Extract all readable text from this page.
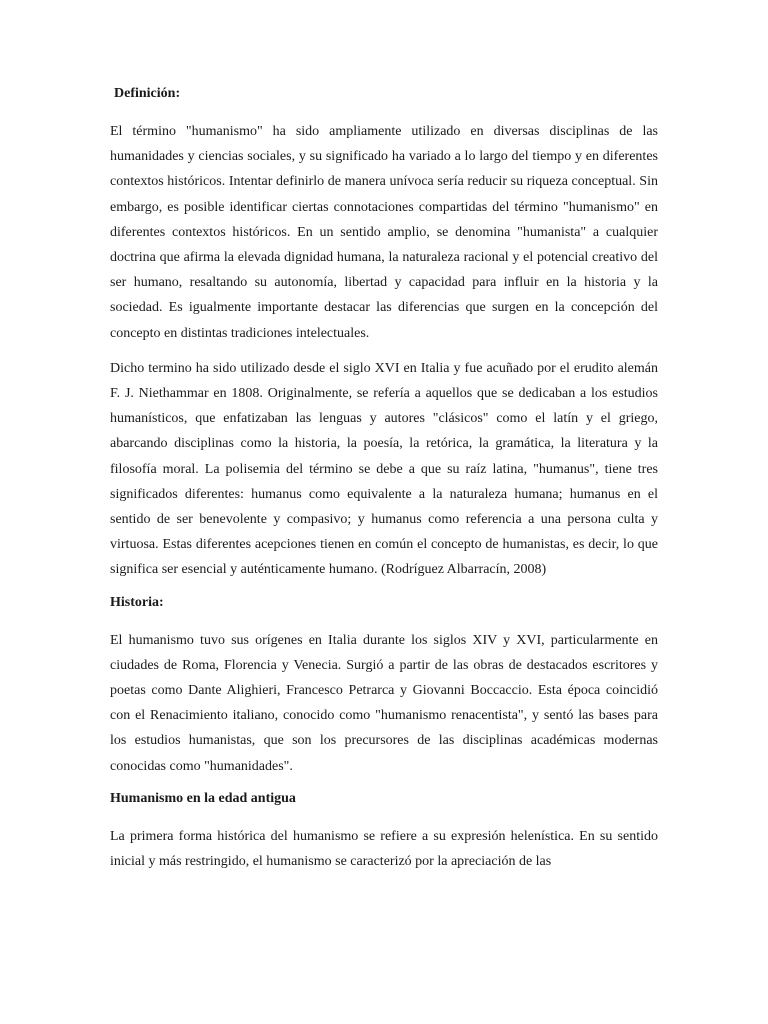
Definición:

El término "humanismo" ha sido ampliamente utilizado en diversas disciplinas de las humanidades y ciencias sociales, y su significado ha variado a lo largo del tiempo y en diferentes contextos históricos. Intentar definirlo de manera unívoca sería reducir su riqueza conceptual. Sin embargo, es posible identificar ciertas connotaciones compartidas del término "humanismo" en diferentes contextos históricos. En un sentido amplio, se denomina "humanista" a cualquier doctrina que afirma la elevada dignidad humana, la naturaleza racional y el potencial creativo del ser humano, resaltando su autonomía, libertad y capacidad para influir en la historia y la sociedad. Es igualmente importante destacar las diferencias que surgen en la concepción del concepto en distintas tradiciones intelectuales.

Dicho termino ha sido utilizado desde el siglo XVI en Italia y fue acuñado por el erudito alemán F. J. Niethammar en 1808. Originalmente, se refería a aquellos que se dedicaban a los estudios humanísticos, que enfatizaban las lenguas y autores "clásicos" como el latín y el griego, abarcando disciplinas como la historia, la poesía, la retórica, la gramática, la literatura y la filosofía moral. La polisemia del término se debe a que su raíz latina, "humanus", tiene tres significados diferentes: humanus como equivalente a la naturaleza humana; humanus en el sentido de ser benevolente y compasivo; y humanus como referencia a una persona culta y virtuosa. Estas diferentes acepciones tienen en común el concepto de humanistas, es decir, lo que significa ser esencial y auténticamente humano. (Rodríguez Albarracín, 2008)

Historia:

El humanismo tuvo sus orígenes en Italia durante los siglos XIV y XVI, particularmente en ciudades de Roma, Florencia y Venecia. Surgió a partir de las obras de destacados escritores y poetas como Dante Alighieri, Francesco Petrarca y Giovanni Boccaccio. Esta época coincidió con el Renacimiento italiano, conocido como "humanismo renacentista", y sentó las bases para los estudios humanistas, que son los precursores de las disciplinas académicas modernas conocidas como "humanidades".

Humanismo en la edad antigua

La primera forma histórica del humanismo se refiere a su expresión helenística. En su sentido inicial y más restringido, el humanismo se caracterizó por la apreciación de las
